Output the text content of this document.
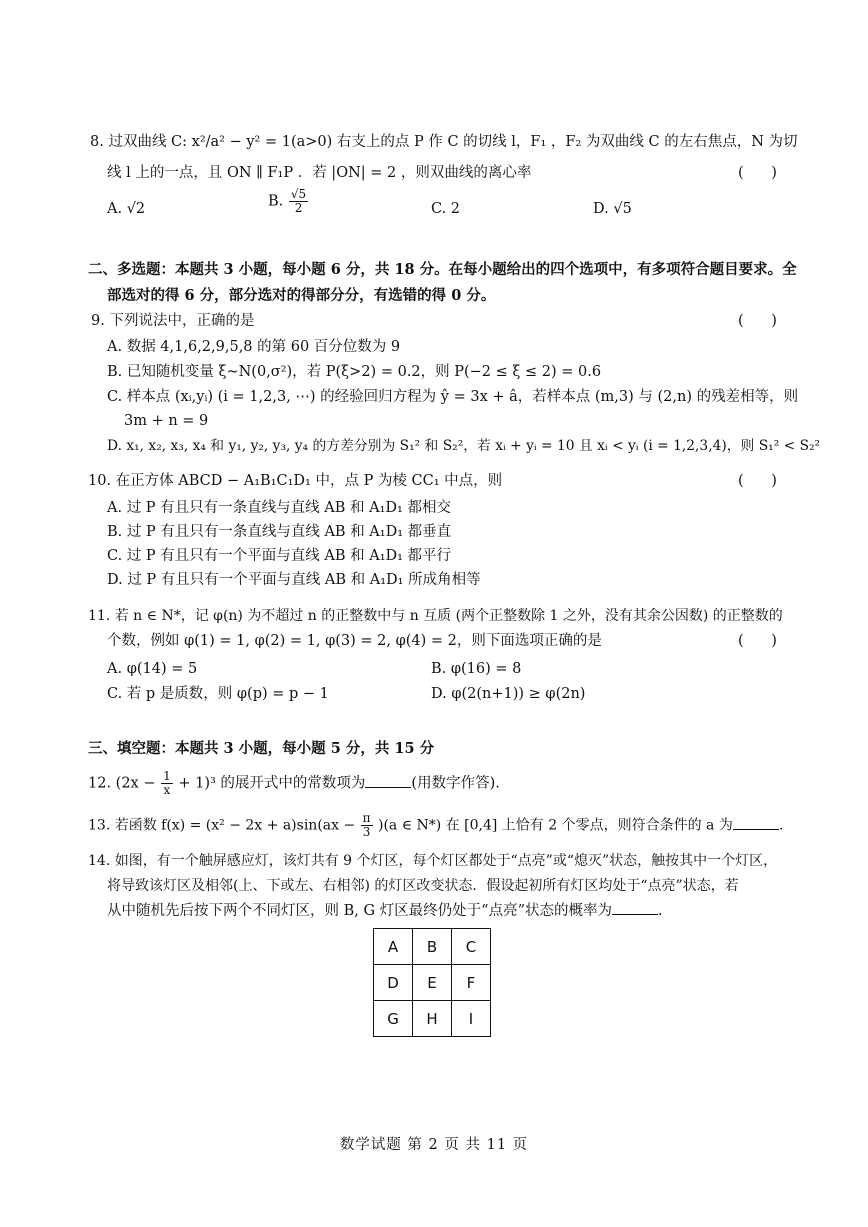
8. 过双曲线 C: x²/a² − y² = 1(a>0) 右支上的点 P 作 C 的切线 l，F₁ ，F₂ 为双曲线 C 的左右焦点，N 为切
线 l 上的一点，且 ON ∥ F₁P ．若 |ON| = 2 ，则双曲线的离心率	(      )
A. √2	B. $\frac{√5}{2}$	C. 2	D. √5
二、多选题：本题共 3 小题，每小题 6 分，共 18 分。在每小题给出的四个选项中，有多项符合题目要求。全
部选对的得 6 分，部分选对的得部分分，有选错的得 0 分。
9. 下列说法中，正确的是	(      )
A. 数据 4,1,6,2,9,5,8 的第 60 百分位数为 9
B. 已知随机变量 ξ~N(0,σ²)，若 P(ξ>2) = 0.2，则 P(−2 ≤ ξ ≤ 2) = 0.6
C. 样本点 (xᵢ,yᵢ) (i = 1,2,3, ⋯) 的经验回归方程为 ŷ = 3x + â，若样本点 (m,3) 与 (2,n) 的残差相等，则
3m + n = 9
D. x₁, x₂, x₃, x₄ 和 y₁, y₂, y₃, y₄ 的方差分别为 S₁² 和 S₂²，若 xᵢ + yᵢ = 10 且 xᵢ < yᵢ (i = 1,2,3,4)，则 S₁² < S₂²
10. 在正方体 ABCD − A₁B₁C₁D₁ 中，点 P 为棱 CC₁ 中点，则	(      )
A. 过 P 有且只有一条直线与直线 AB 和 A₁D₁ 都相交
B. 过 P 有且只有一条直线与直线 AB 和 A₁D₁ 都垂直
C. 过 P 有且只有一个平面与直线 AB 和 A₁D₁ 都平行
D. 过 P 有且只有一个平面与直线 AB 和 A₁D₁ 所成角相等
11. 若 n ∈ N*，记 φ(n) 为不超过 n 的正整数中与 n 互质 (两个正整数除 1 之外，没有其余公因数) 的正整数的
个数，例如 φ(1) = 1, φ(2) = 1, φ(3) = 2, φ(4) = 2，则下面选项正确的是	(      )
A. φ(14) = 5	B. φ(16) = 8
C. 若 p 是质数，则 φ(p) = p − 1	D. φ(2(n+1)) ≥ φ(2n)
三、填空题：本题共 3 小题，每小题 5 分，共 15 分
12. $(2x - \frac{1}{x} + 1)^3$ 的展开式中的常数项为	(用数字作答).
13. 若函数 $f(x) = (x^2 - 2x + a)\sin(ax - \frac{\pi}{3} )(a$ ∈ N*) 在 [0,4] 上恰有 2 个零点，则符合条件的 a 为	.
14. 如图，有一个触屏感应灯，该灯共有 9 个灯区，每个灯区都处于“点亮”或“熄灭”状态，触按其中一个灯区，
将导致该灯区及相邻(上、下或左、右相邻) 的灯区改变状态．假设起初所有灯区均处于“点亮”状态，若
从中随机先后按下两个不同灯区，则 B, G 灯区最终仍处于“点亮”状态的概率为	.
A	B	C
D	E	F
G	H	I
数学试题 第 2 页 共 11 页
